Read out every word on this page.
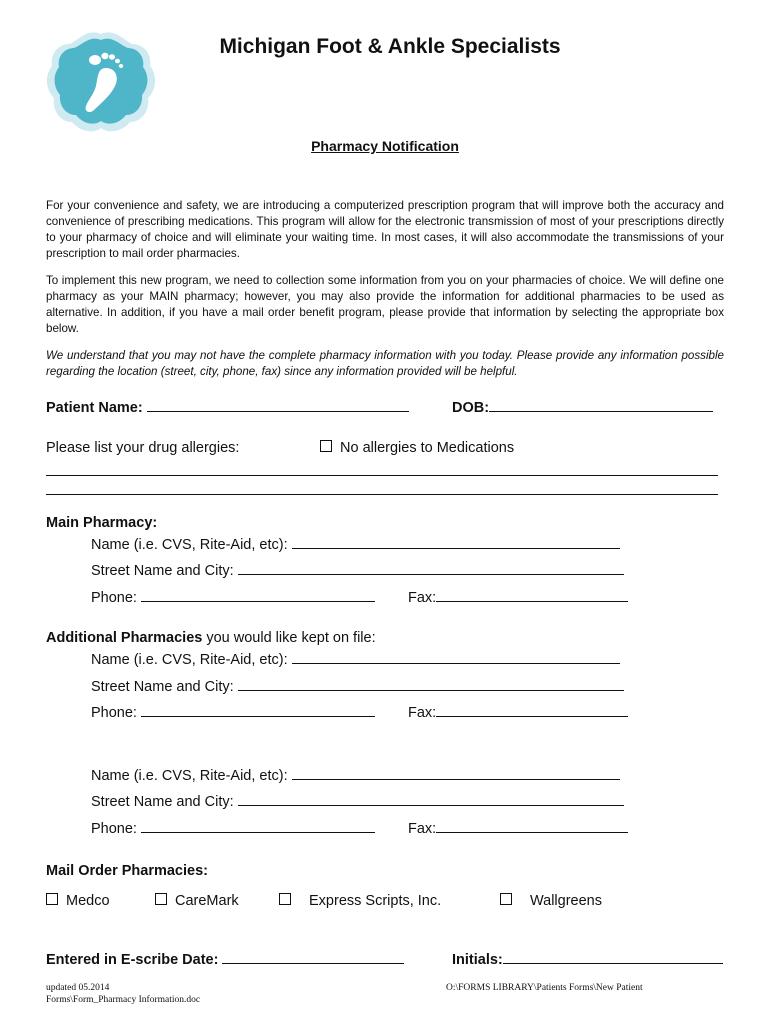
Michigan Foot & Ankle Specialists
Pharmacy Notification
For your convenience and safety, we are introducing a computerized prescription program that will improve both the accuracy and convenience of prescribing medications. This program will allow for the electronic transmission of most of your prescriptions directly to your pharmacy of choice and will eliminate your waiting time. In most cases, it will also accommodate the transmissions of your prescription to mail order pharmacies.
To implement this new program, we need to collection some information from you on your pharmacies of choice. We will define one pharmacy as your MAIN pharmacy; however, you may also provide the information for additional pharmacies to be used as alternative. In addition, if you have a mail order benefit program, please provide that information by selecting the appropriate box below.
We understand that you may not have the complete pharmacy information with you today. Please provide any information possible regarding the location (street, city, phone, fax) since any information provided will be helpful.
Patient Name:	DOB:
Please list your drug allergies:	No allergies to Medications
Main Pharmacy:
Name (i.e. CVS, Rite-Aid, etc):
Street Name and City:
Phone:	Fax:
Additional Pharmacies you would like kept on file:
Name (i.e. CVS, Rite-Aid, etc):
Street Name and City:
Phone:	Fax:
Name (i.e. CVS, Rite-Aid, etc):
Street Name and City:
Phone:	Fax:
Mail Order Pharmacies:
Medco	CareMark	Express Scripts, Inc.	Wallgreens
Entered in E-scribe Date:	Initials:
updated 05.2014
Forms\Form_Pharmacy Information.doc
O:\FORMS LIBRARY\Patients Forms\New Patient
